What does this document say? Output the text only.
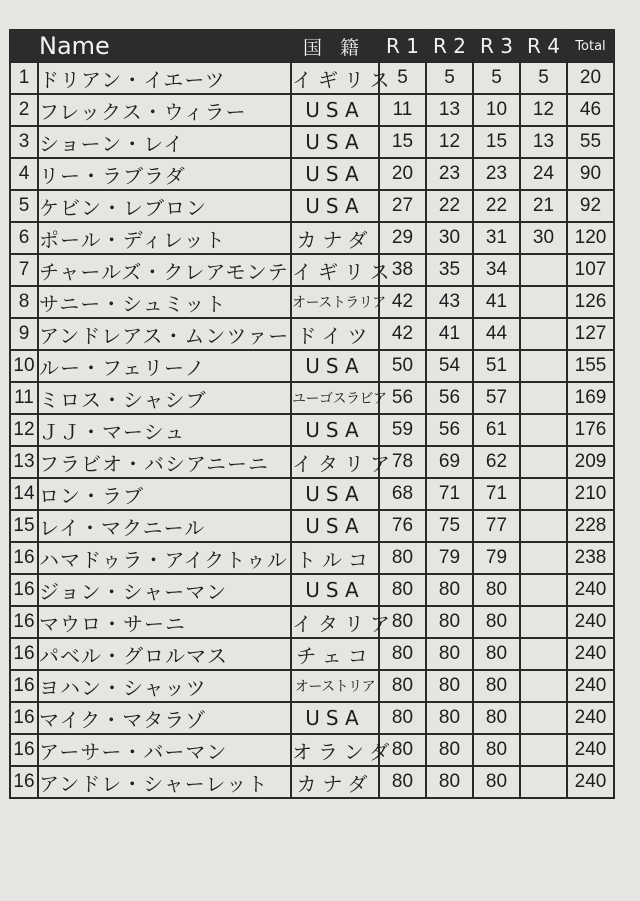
	Name	国籍	R 1	R 2	R 3	R 4	Total
1	ドリアン・イエーツ	イギリス	5	5	5	5	20
2	フレックス・ウィラー	USA	11	13	10	12	46
3	ショーン・レイ	USA	15	12	15	13	55
4	リー・ラブラダ	USA	20	23	23	24	90
5	ケビン・レブロン	USA	27	22	22	21	92
6	ポール・ディレット	カナダ	29	30	31	30	120
7	チャールズ・クレアモンテ	イギリス	38	35	34		107
8	サニー・シュミット	オーストラリア	42	43	41		126
9	アンドレアス・ムンツァー	ドイツ	42	41	44		127
10	ルー・フェリーノ	USA	50	54	51		155
11	ミロス・シャシブ	ユーゴスラビア	56	56	57		169
12	ＪＪ・マーシュ	USA	59	56	61		176
13	フラビオ・バシアニーニ	イタリア	78	69	62		209
14	ロン・ラブ	USA	68	71	71		210
15	レイ・マクニール	USA	76	75	77		228
16	ハマドゥラ・アイクトゥル	トルコ	80	79	79		238
16	ジョン・シャーマン	USA	80	80	80		240
16	マウロ・サーニ	イタリア	80	80	80		240
16	パベル・グロルマス	チェコ	80	80	80		240
16	ヨハン・シャッツ	オーストリア	80	80	80		240
16	マイク・マタラゾ	USA	80	80	80		240
16	アーサー・バーマン	オランダ	80	80	80		240
16	アンドレ・シャーレット	カナダ	80	80	80		240
